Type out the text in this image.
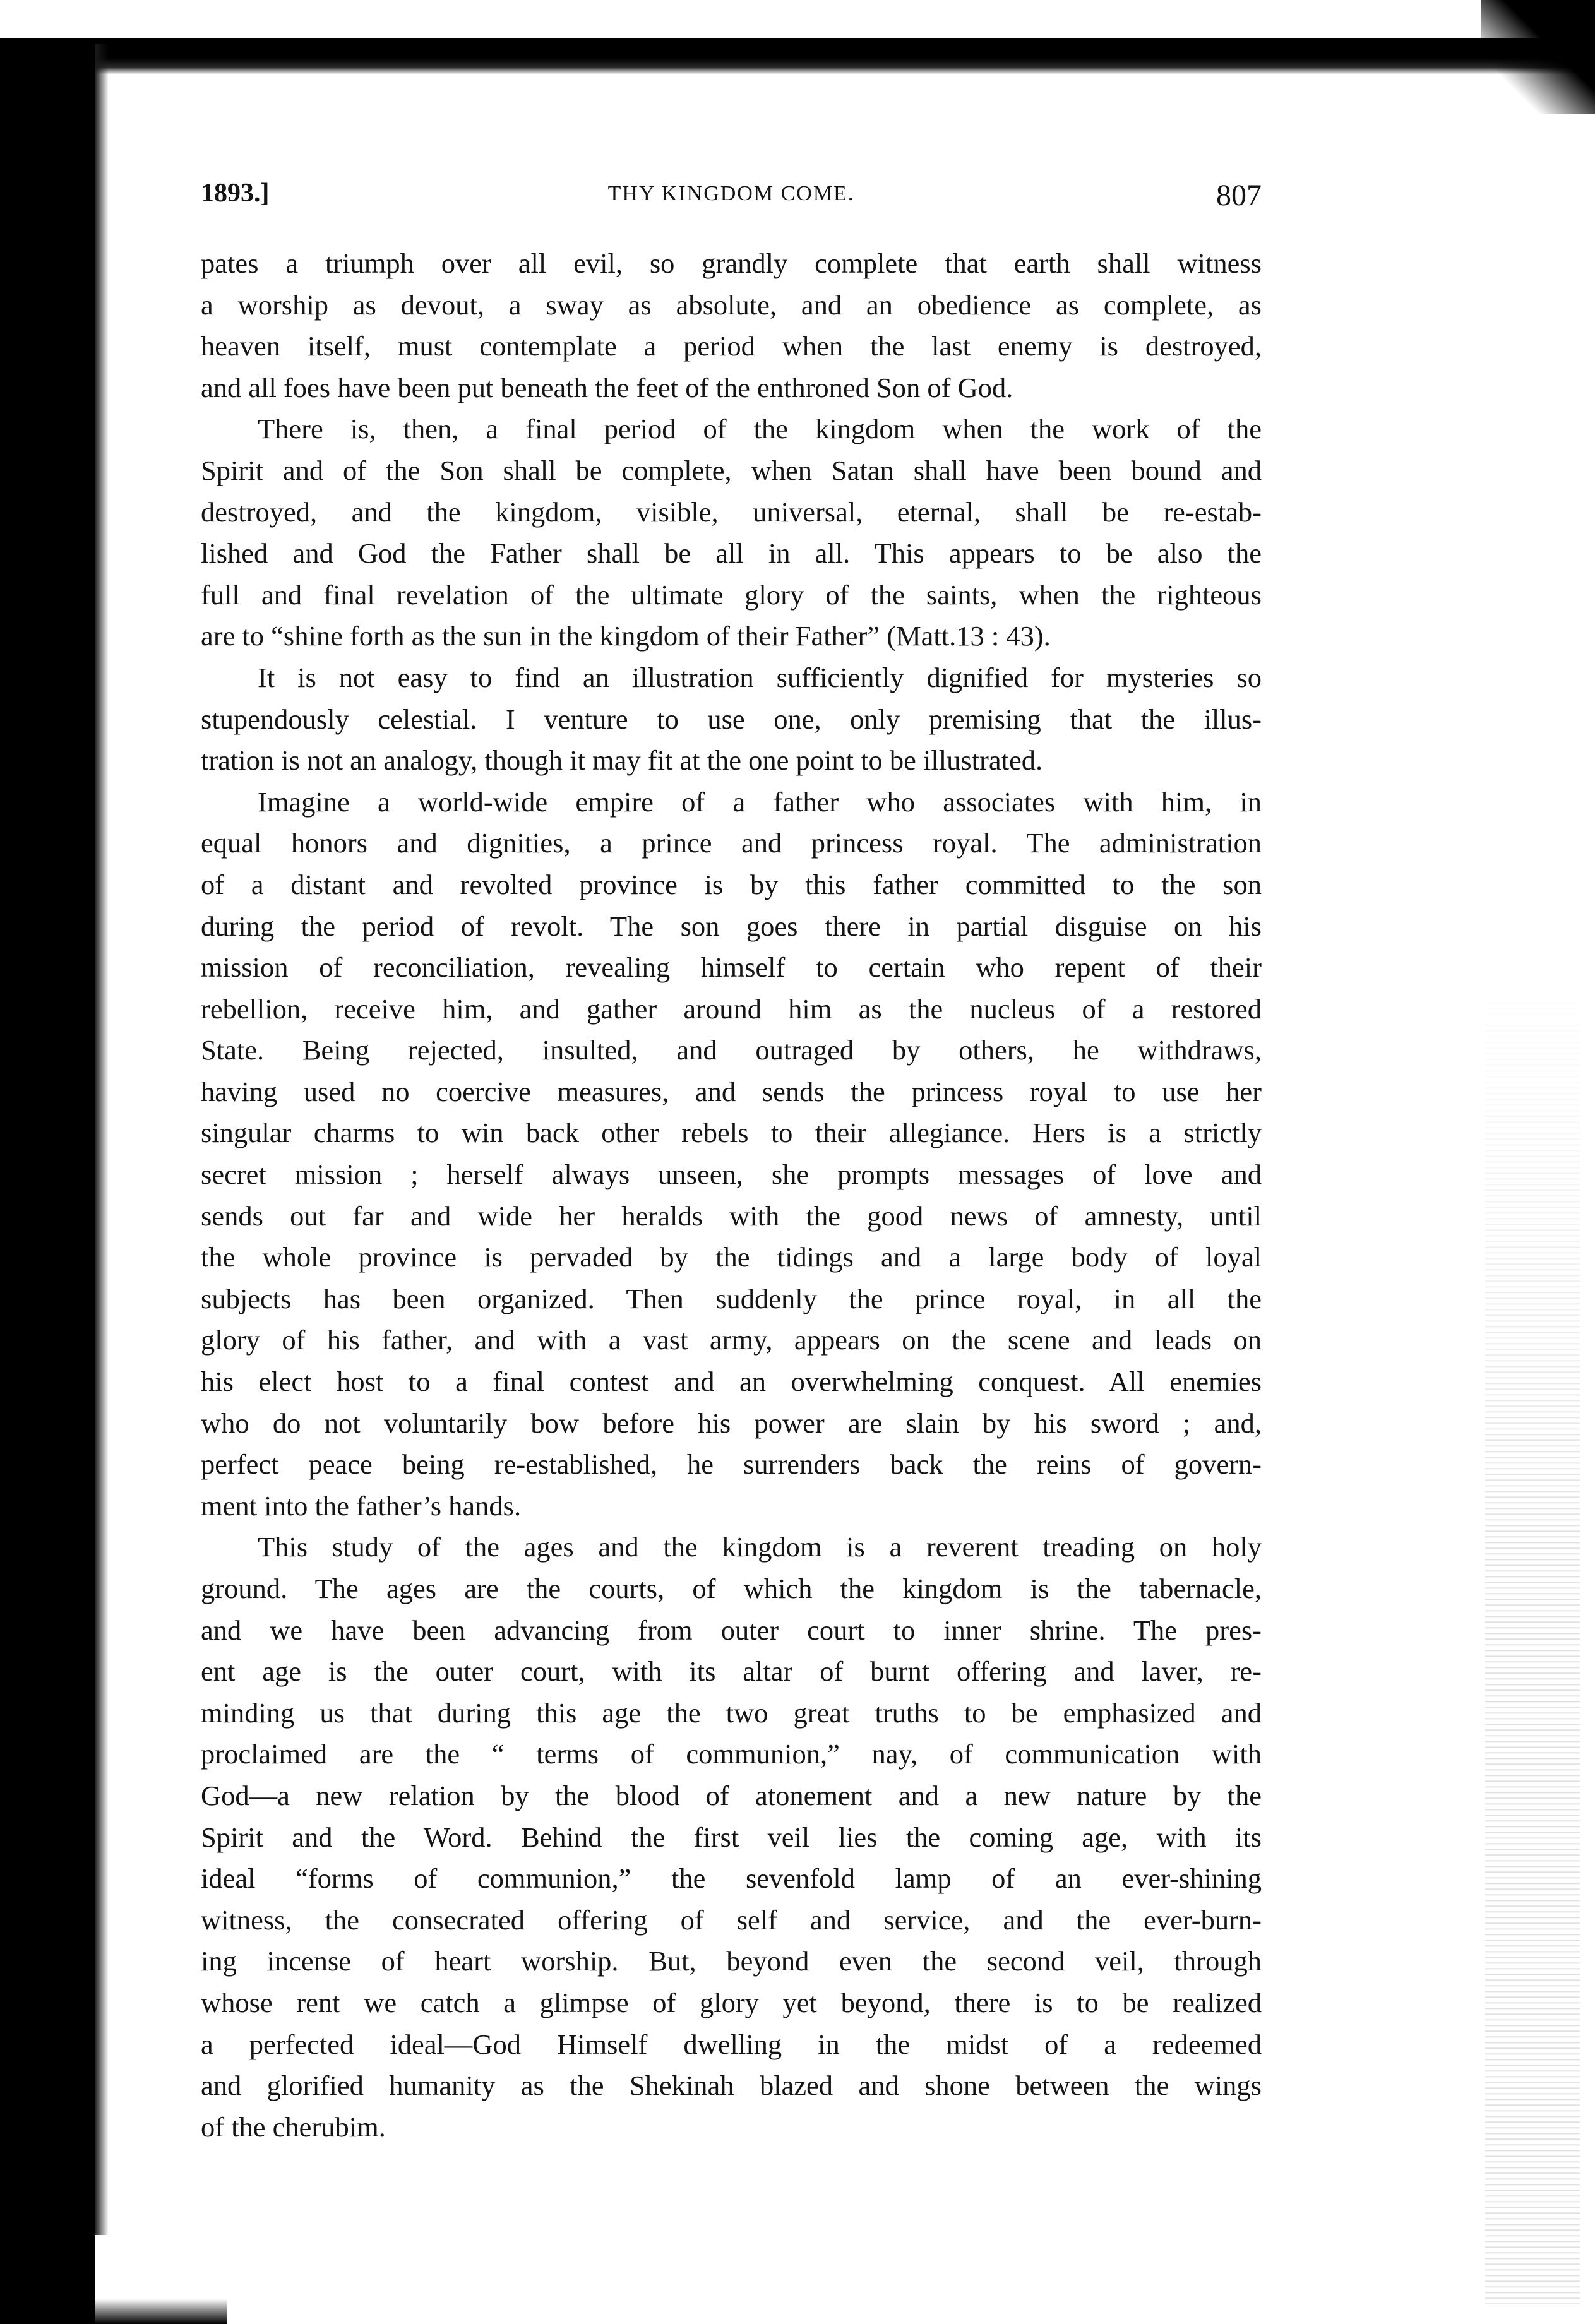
1893.]	THY KINGDOM COME.	807
pates a triumph over all evil, so grandly complete that earth shall witness
a worship as devout, a sway as absolute, and an obedience as complete, as
heaven itself, must contemplate a period when the last enemy is destroyed,
and all foes have been put beneath the feet of the enthroned Son of God.
There is, then, a final period of the kingdom when the work of the
Spirit and of the Son shall be complete, when Satan shall have been bound and
destroyed, and the kingdom, visible, universal, eternal, shall be re-estab-
lished and God the Father shall be all in all. This appears to be also the
full and final revelation of the ultimate glory of the saints, when the righteous
are to “shine forth as the sun in the kingdom of their Father” (Matt.13 : 43).
It is not easy to find an illustration sufficiently dignified for mysteries so
stupendously celestial. I venture to use one, only premising that the illus-
tration is not an analogy, though it may fit at the one point to be illustrated.
Imagine a world-wide empire of a father who associates with him, in
equal honors and dignities, a prince and princess royal. The administration
of a distant and revolted province is by this father committed to the son
during the period of revolt. The son goes there in partial disguise on his
mission of reconciliation, revealing himself to certain who repent of their
rebellion, receive him, and gather around him as the nucleus of a restored
State. Being rejected, insulted, and outraged by others, he withdraws,
having used no coercive measures, and sends the princess royal to use her
singular charms to win back other rebels to their allegiance. Hers is a strictly
secret mission ; herself always unseen, she prompts messages of love and
sends out far and wide her heralds with the good news of amnesty, until
the whole province is pervaded by the tidings and a large body of loyal
subjects has been organized. Then suddenly the prince royal, in all the
glory of his father, and with a vast army, appears on the scene and leads on
his elect host to a final contest and an overwhelming conquest. All enemies
who do not voluntarily bow before his power are slain by his sword ; and,
perfect peace being re-established, he surrenders back the reins of govern-
ment into the father’s hands.
This study of the ages and the kingdom is a reverent treading on holy
ground. The ages are the courts, of which the kingdom is the tabernacle,
and we have been advancing from outer court to inner shrine. The pres-
ent age is the outer court, with its altar of burnt offering and laver, re-
minding us that during this age the two great truths to be emphasized and
proclaimed are the “ terms of communion,” nay, of communication with
God—a new relation by the blood of atonement and a new nature by the
Spirit and the Word. Behind the first veil lies the coming age, with its
ideal “forms of communion,” the sevenfold lamp of an ever-shining
witness, the consecrated offering of self and service, and the ever-burn-
ing incense of heart worship. But, beyond even the second veil, through
whose rent we catch a glimpse of glory yet beyond, there is to be realized
a perfected ideal—God Himself dwelling in the midst of a redeemed
and glorified humanity as the Shekinah blazed and shone between the wings
of the cherubim.
